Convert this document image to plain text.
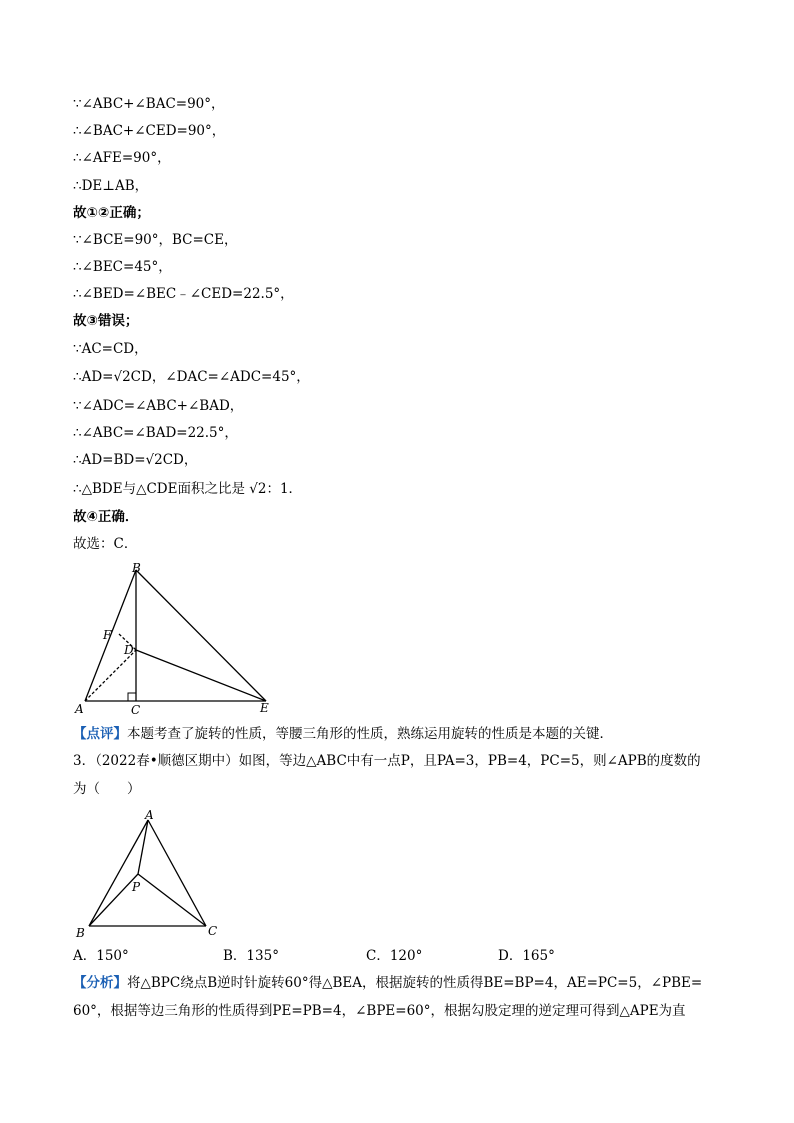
∵∠ABC+∠BAC=90°，
∴∠BAC+∠CED=90°，
∴∠AFE=90°，
∴DE⊥AB，
故①②正确；
∵∠BCE=90°，BC=CE，
∴∠BEC=45°，
∴∠BED=∠BEC﹣∠CED=22.5°，
故③错误；
∵AC=CD，
∴AD=√2CD，∠DAC=∠ADC=45°，
∵∠ADC=∠ABC+∠BAD，
∴∠ABC=∠BAD=22.5°，
∴AD=BD=√2CD，
∴△BDE与△CDE面积之比是 √2：1．
故④正确．
故选：C．
B
F
D
A	C	E
【点评】本题考查了旋转的性质，等腰三角形的性质，熟练运用旋转的性质是本题的关键．
3．（2022春•顺德区期中）如图，等边△ABC中有一点P，且PA=3，PB=4，PC=5，则∠APB的度数的
为（　　）
A
P
B	C
A．150°	B．135°	C．120°	D．165°
【分析】将△BPC绕点B逆时针旋转60°得△BEA，根据旋转的性质得BE=BP=4，AE=PC=5，∠PBE=
60°，根据等边三角形的性质得到PE=PB=4，∠BPE=60°，根据勾股定理的逆定理可得到△APE为直
